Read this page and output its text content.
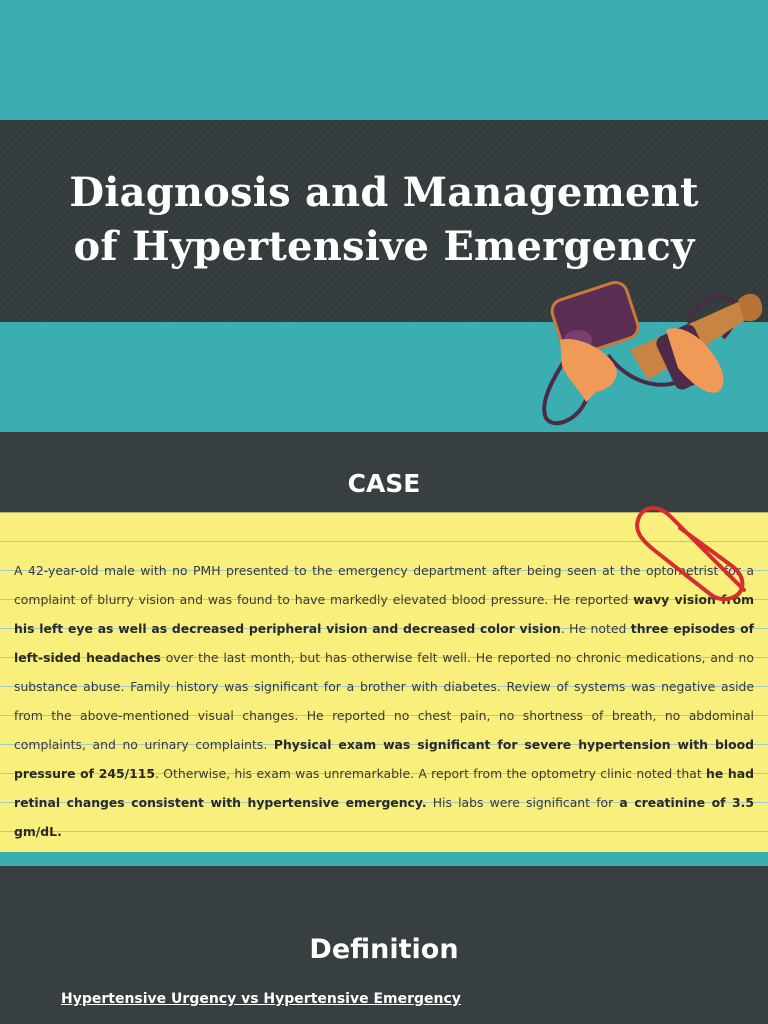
Diagnosis and Management
of Hypertensive Emergency
CASE

A 42-year-old male with no PMH presented to the emergency department after being seen at the optometrist for a complaint of blurry vision and was found to have markedly elevated blood pressure. He reported wavy vision from his left eye as well as decreased peripheral vision and decreased color vision. He noted three episodes of left-sided headaches over the last month, but has otherwise felt well. He reported no chronic medications, and no substance abuse. Family history was significant for a brother with diabetes. Review of systems was negative aside from the above-mentioned visual changes. He reported no chest pain, no shortness of breath, no abdominal complaints, and no urinary complaints. Physical exam was significant for severe hypertension with blood pressure of 245/115. Otherwise, his exam was unremarkable. A report from the optometry clinic noted that he had retinal changes consistent with hypertensive emergency. His labs were significant for a creatinine of 3.5 gm/dL.

Definition

Hypertensive Urgency vs Hypertensive Emergency
